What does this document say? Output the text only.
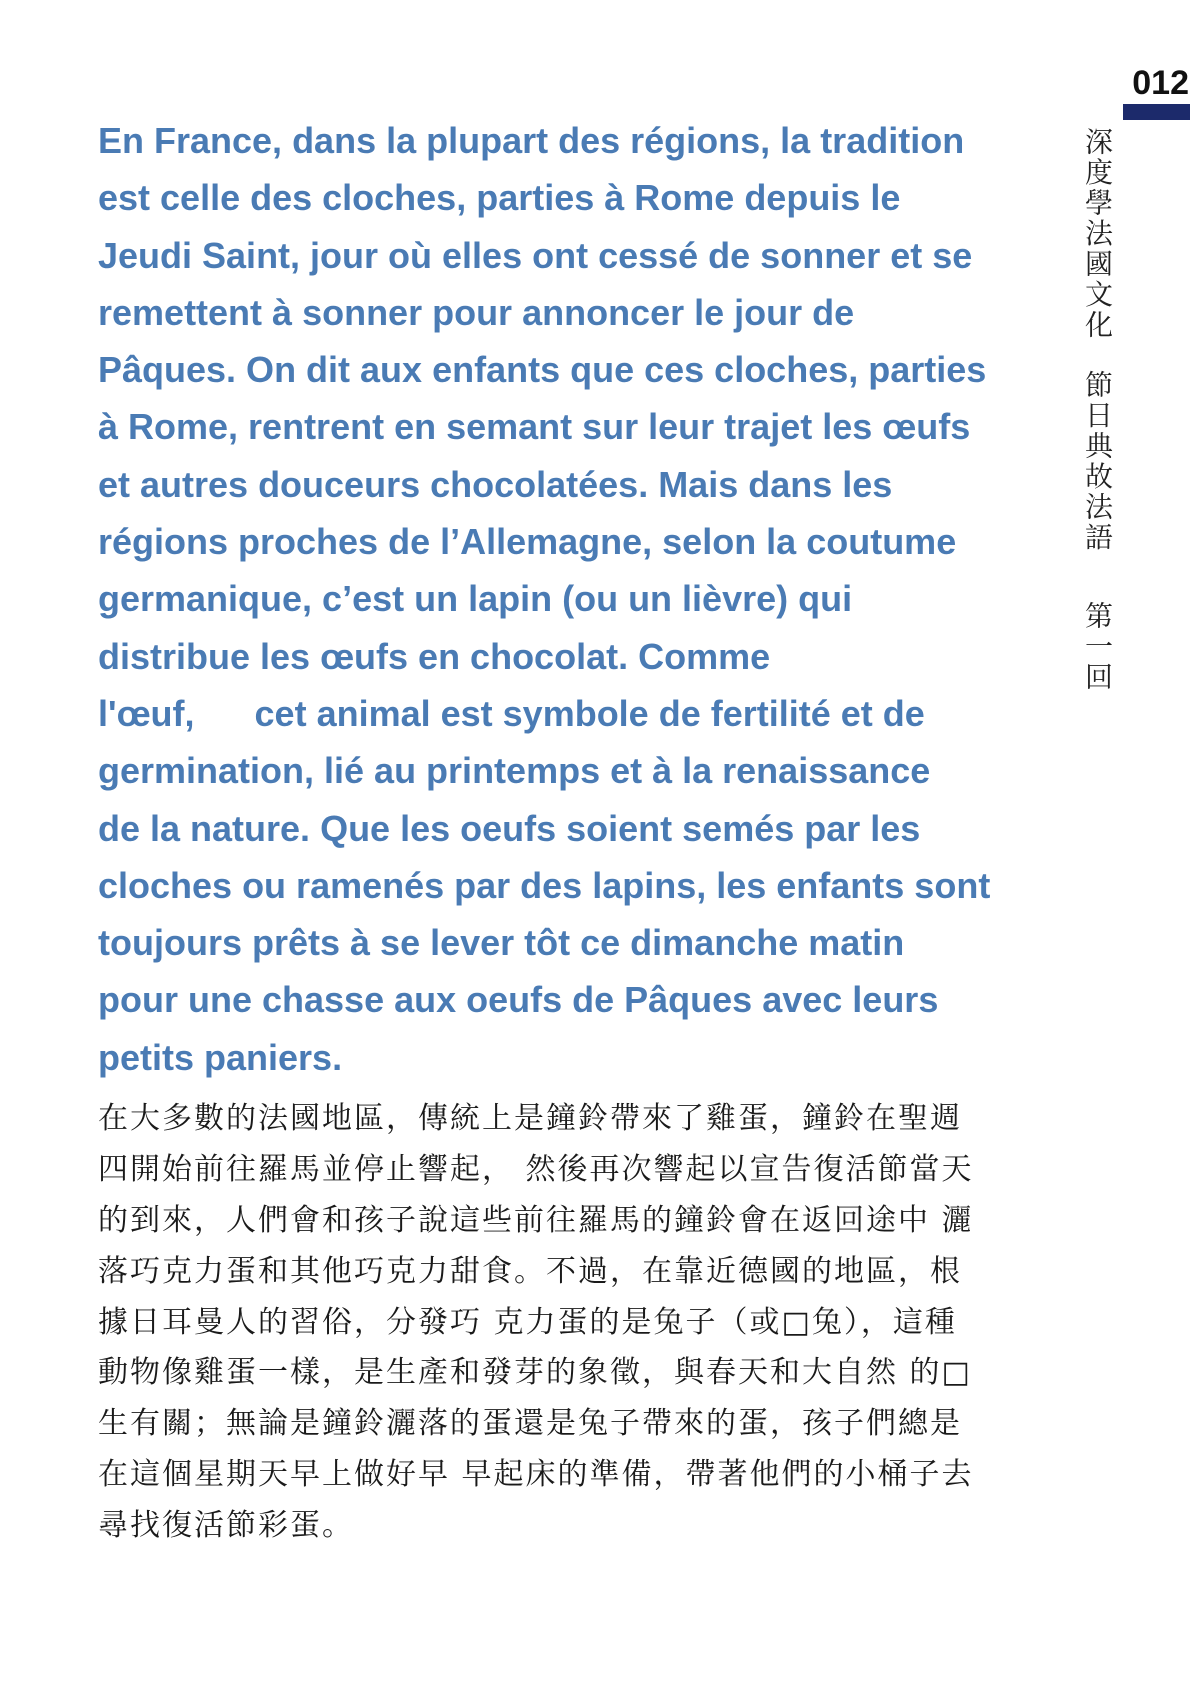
012
深度學法國文化
節日典故法語
第一回
En France, dans la plupart des régions, la tradition
est celle des cloches, parties à Rome depuis le
Jeudi Saint, jour où elles ont cessé de sonner et se
remettent à sonner pour annoncer le jour de
Pâques. On dit aux enfants que ces cloches, parties
à Rome, rentrent en semant sur leur trajet les œufs
et autres douceurs chocolatées. Mais dans les
régions proches de l’Allemagne, selon la coutume
germanique, c’est un lapin (ou un lièvre) qui
distribue les œufs en chocolat. Comme
l'œuf,      cet animal est symbole de fertilité et de
germination, lié au printemps et à la renaissance
de la nature. Que les oeufs soient semés par les
cloches ou ramenés par des lapins, les enfants sont
toujours prêts à se lever tôt ce dimanche matin
pour une chasse aux oeufs de Pâques avec leurs
petits paniers.
在大多數的法國地區，傳統上是鐘鈴帶來了雞蛋，鐘鈴在聖週
四開始前往羅馬並停止響起， 然後再次響起以宣告復活節當天
的到來，人們會和孩子說這些前往羅馬的鐘鈴會在返回途中 灑
落巧克力蛋和其他巧克力甜食。不過，在靠近德國的地區，根
據日耳曼人的習俗，分發巧 克力蛋的是兔子（或□兔），這種
動物像雞蛋一樣，是生產和發芽的象徵，與春天和大自然 的□
生有關；無論是鐘鈴灑落的蛋還是兔子帶來的蛋，孩子們總是
在這個星期天早上做好早 早起床的準備，帶著他們的小桶子去
尋找復活節彩蛋。
